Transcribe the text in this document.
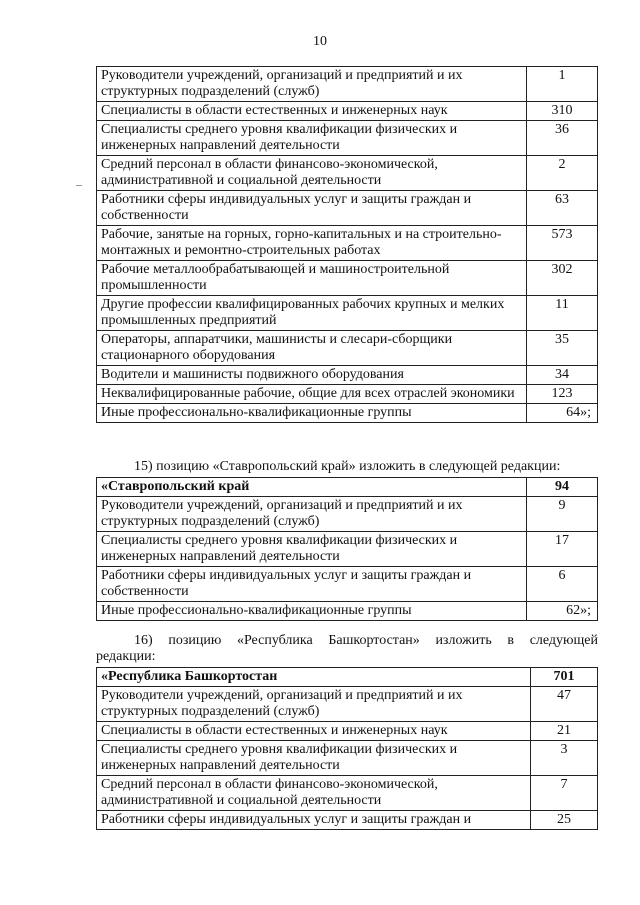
10
Руководители учреждений, организаций и предприятий и их структурных подразделений (служб)	1
Специалисты в области естественных и инженерных наук	310
Специалисты среднего уровня квалификации физических и инженерных направлений деятельности	36
Средний персонал в области финансово-экономической, административной и социальной деятельности	2
Работники сферы индивидуальных услуг и защиты граждан и собственности	63
Рабочие, занятые на горных, горно-капитальных и на строительно-монтажных и ремонтно-строительных работах	573
Рабочие металлообрабатывающей и машиностроительной промышленности	302
Другие профессии квалифицированных рабочих крупных и мелких промышленных предприятий	11
Операторы, аппаратчики, машинисты и слесари-сборщики стационарного оборудования	35
Водители и машинисты подвижного оборудования	34
Неквалифицированные рабочие, общие для всех отраслей экономики	123
Иные профессионально-квалификационные группы	64»;
15) позицию «Ставропольский край» изложить в следующей редакции:
«Ставропольский край	94
Руководители учреждений, организаций и предприятий и их структурных подразделений (служб)	9
Специалисты среднего уровня квалификации физических и инженерных направлений деятельности	17
Работники сферы индивидуальных услуг и защиты граждан и собственности	6
Иные профессионально-квалификационные группы	62»;
16) позицию «Республика Башкортостан» изложить в следующей
редакции:
«Республика Башкортостан	701
Руководители учреждений, организаций и предприятий и их структурных подразделений (служб)	47
Специалисты в области естественных и инженерных наук	21
Специалисты среднего уровня квалификации физических и инженерных направлений деятельности	3
Средний персонал в области финансово-экономической, административной и социальной деятельности	7
Работники сферы индивидуальных услуг и защиты граждан и	25
